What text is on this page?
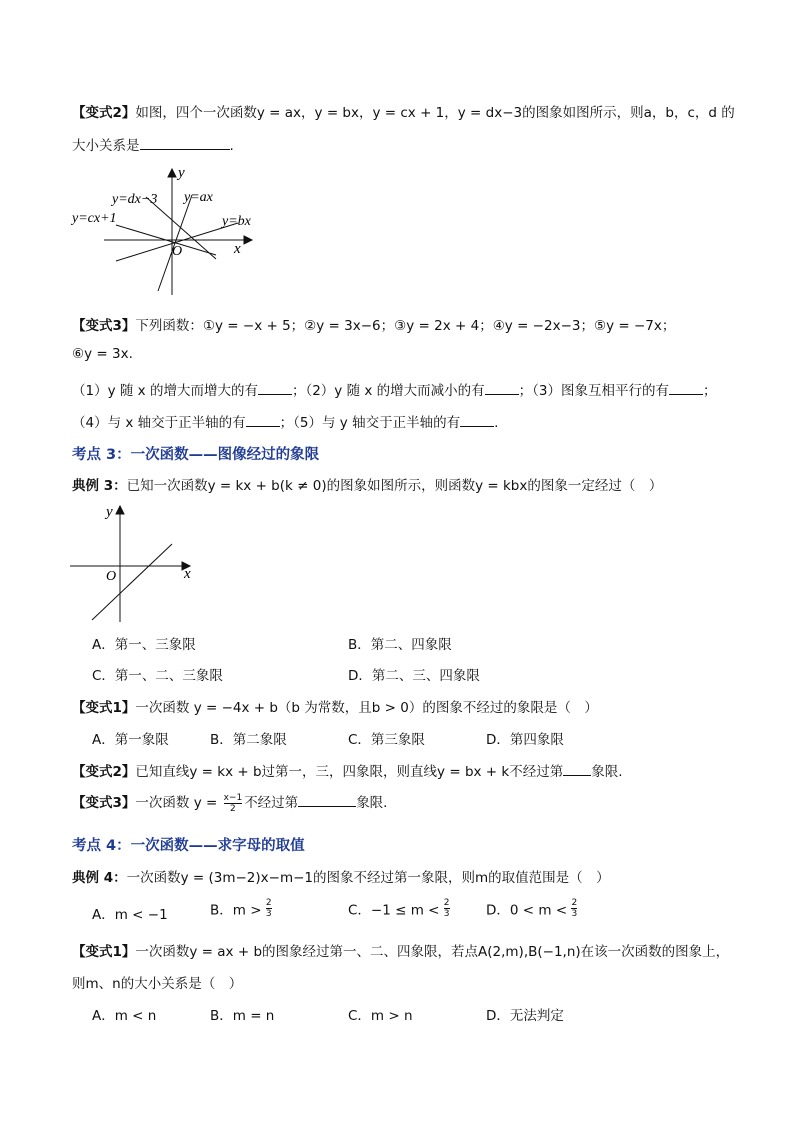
【变式2】如图，四个一次函数y = ax，y = bx，y = cx + 1，y = dx−3的图象如图所示，则a，b，c，d 的
大小关系是	.
y
x
O
y=dx−3 y=ax
y=cx+1	y=bx
【变式3】下列函数：①y = −x + 5；②y = 3x−6；③y = 2x + 4；④y = −2x−3；⑤y = −7x；
⑥y = 3x.
（1）y 随 x 的增大而增大的有	；（2）y 随 x 的增大而减小的有	；（3）图象互相平行的有	；
（4）与 x 轴交于正半轴的有	；（5）与 y 轴交于正半轴的有	.
考点 3：一次函数——图像经过的象限
典例 3：已知一次函数y = kx + b(k ≠ 0)的图象如图所示，则函数y = kbx的图象一定经过（　）
y
x
O
A．第一、三象限	B．第二、四象限
C．第一、二、三象限	D．第二、三、四象限
【变式1】一次函数 y = −4x + b（b 为常数，且b > 0）的图象不经过的象限是（　）
A．第一象限	B．第二象限	C．第三象限	D．第四象限
【变式2】已知直线y = kx + b过第一，三，四象限，则直线y = bx + k不经过第 象限.
【变式3】一次函数 $y = \frac{x-1}{2}$ 不经过第	象限.
考点 4：一次函数——求字母的取值
典例 4：一次函数y = (3m−2)x−m−1的图象不经过第一象限，则m的取值范围是（　）
A．m < −1	B．$m > \frac{2}{3}$	C．$-1 \le m < \frac{2}{3}$	D．$0 < m < \frac{2}{3}$
【变式1】一次函数y = ax + b的图象经过第一、二、四象限，若点A(2,m),B(−1,n)在该一次函数的图象上，
则m、n的大小关系是（　）
A．m < n	B．m = n	C．m > n	D．无法判定
